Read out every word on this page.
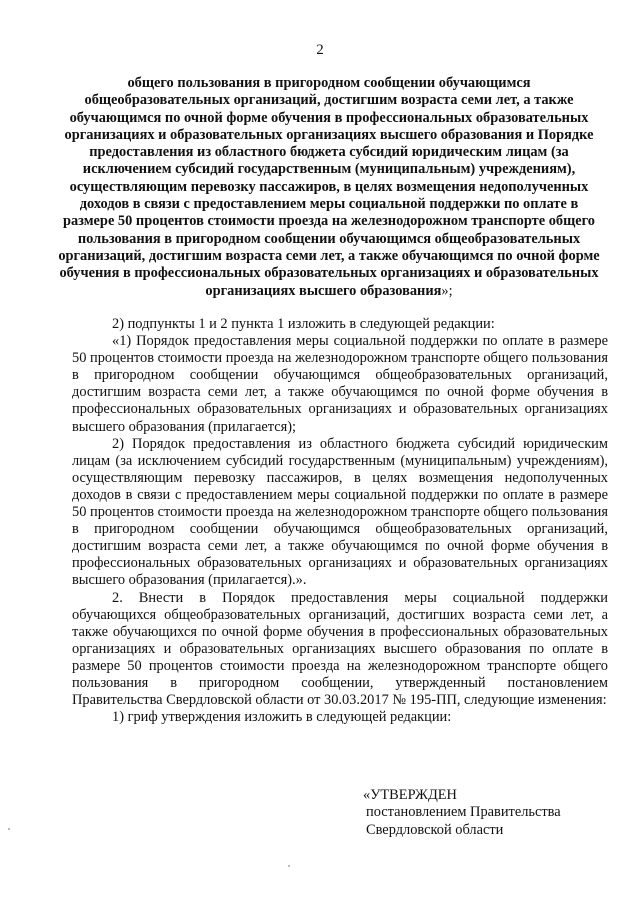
2
общего пользования в пригородном сообщении обучающимся общеобразовательных организаций, достигшим возраста семи лет, а также обучающимся по очной форме обучения в профессиональных образовательных организациях и образовательных организациях высшего образования и Порядке предоставления из областного бюджета субсидий юридическим лицам (за исключением субсидий государственным (муниципальным) учреждениям), осуществляющим перевозку пассажиров, в целях возмещения недополученных доходов в связи с предоставлением меры социальной поддержки по оплате в размере 50 процентов стоимости проезда на железнодорожном транспорте общего пользования в пригородном сообщении обучающимся общеобразовательных организаций, достигшим возраста семи лет, а также обучающимся по очной форме обучения в профессиональных образовательных организациях и образовательных организациях высшего образования»;

2) подпункты 1 и 2 пункта 1 изложить в следующей редакции:

«1) Порядок предоставления меры социальной поддержки по оплате в размере 50 процентов стоимости проезда на железнодорожном транспорте общего пользования в пригородном сообщении обучающимся общеобразовательных организаций, достигшим возраста семи лет, а также обучающимся по очной форме обучения в профессиональных образовательных организациях и образовательных организациях высшего образования (прилагается);

2) Порядок предоставления из областного бюджета субсидий юридическим лицам (за исключением субсидий государственным (муниципальным) учреждениям), осуществляющим перевозку пассажиров, в целях возмещения недополученных доходов в связи с предоставлением меры социальной поддержки по оплате в размере 50 процентов стоимости проезда на железнодорожном транспорте общего пользования в пригородном сообщении обучающимся общеобразовательных организаций, достигшим возраста семи лет, а также обучающимся по очной форме обучения в профессиональных образовательных организациях и образовательных организациях высшего образования (прилагается).».

2. Внести в Порядок предоставления меры социальной поддержки обучающихся общеобразовательных организаций, достигших возраста семи лет, а также обучающихся по очной форме обучения в профессиональных образовательных организациях и образовательных организациях высшего образования по оплате в размере 50 процентов стоимости проезда на железнодорожном транспорте общего пользования в пригородном сообщении, утвержденный постановлением Правительства Свердловской области от 30.03.2017 № 195-ПП, следующие изменения:

1) гриф утверждения изложить в следующей редакции:

«УТВЕРЖДЕН
постановлением Правительства
Свердловской области
